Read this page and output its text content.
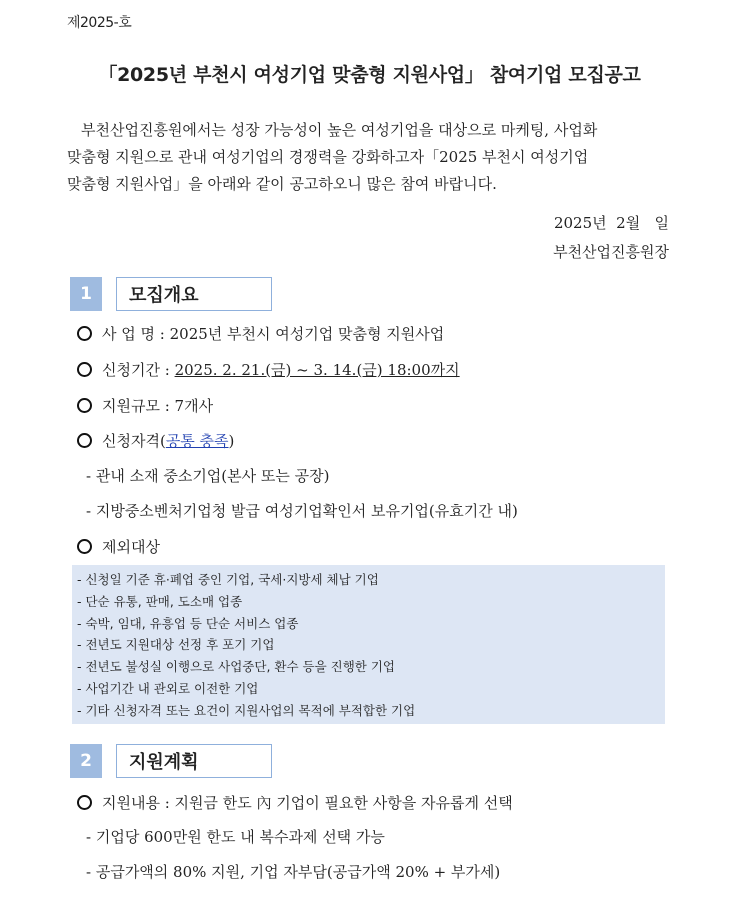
제2025-호
「2025년 부천시 여성기업 맞춤형 지원사업」 참여기업 모집공고

부천산업진흥원에서는 성장 가능성이 높은 여성기업을 대상으로 마케팅, 사업화

맞춤형 지원으로 관내 여성기업의 경쟁력을 강화하고자「2025 부천시 여성기업

맞춤형 지원사업」을 아래와 같이 공고하오니 많은 참여 바랍니다.

2025년  2월   일
부천산업진흥원장
1	모집개요
사 업 명 : 2025년 부천시 여성기업 맞춤형 지원사업
신청기간 : 2025. 2. 21.(금) ~ 3. 14.(금) 18:00까지
지원규모 : 7개사
신청자격( 공통 충족 )
- 관내 소재 중소기업(본사 또는 공장)
- 지방중소벤처기업청 발급 여성기업확인서 보유기업(유효기간 내)
제외대상
- 신청일 기준 휴·폐업 중인 기업, 국세·지방세 체납 기업
- 단순 유통, 판매, 도소매 업종
- 숙박, 임대, 유흥업 등 단순 서비스 업종
- 전년도 지원대상 선정 후 포기 기업
- 전년도 불성실 이행으로 사업중단, 환수 등을 진행한 기업
- 사업기간 내 관외로 이전한 기업
- 기타 신청자격 또는 요건이 지원사업의 목적에 부적합한 기업
2	지원계획
지원내용 : 지원금 한도 內 기업이 필요한 사항을 자유롭게 선택
- 기업당 600만원 한도 내 복수과제 선택 가능
- 공급가액의 80% 지원, 기업 자부담(공급가액 20% + 부가세)
